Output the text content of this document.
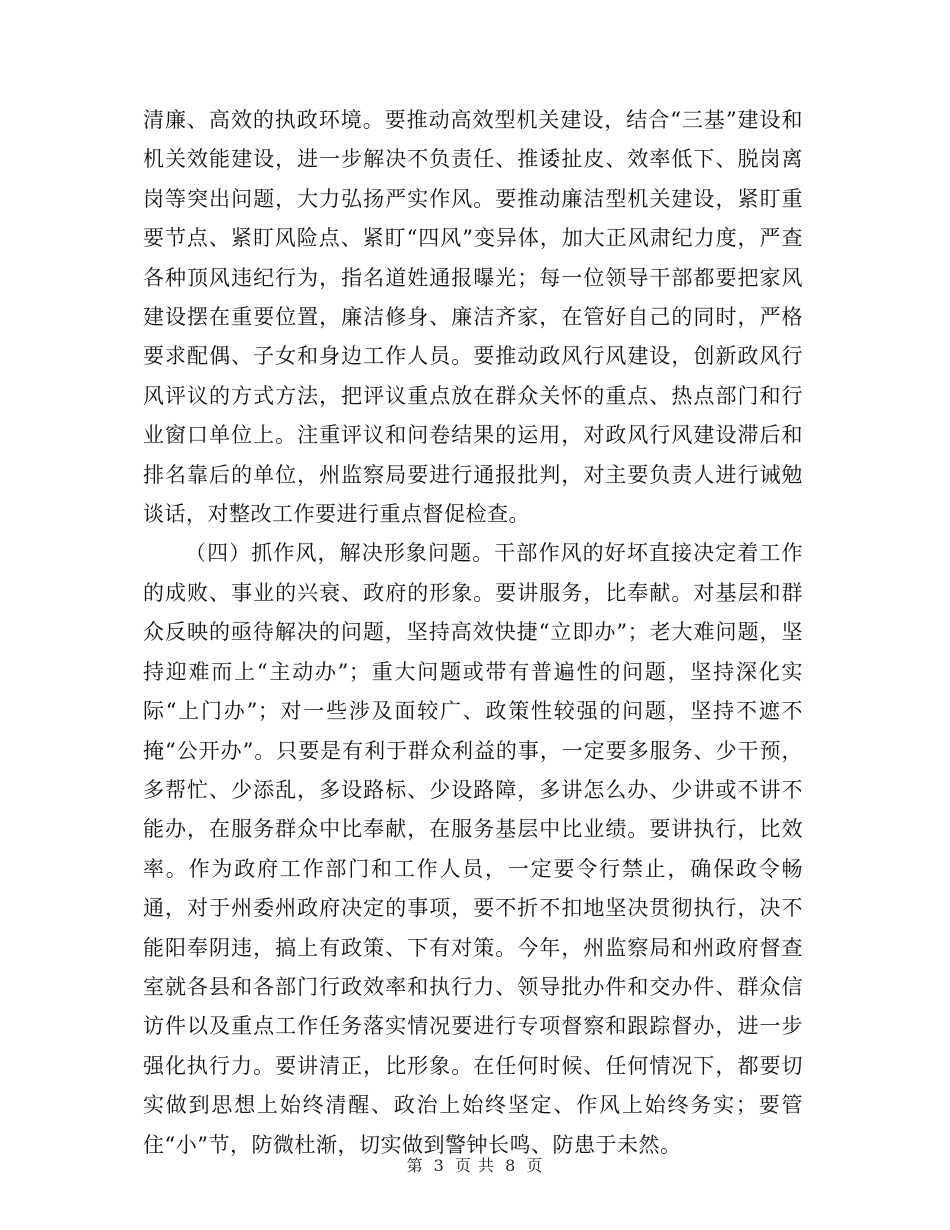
清廉、高效的执政环境。要推动高效型机关建设，结合“三基”建设和机关效能建设，进一步解决不负责任、推诿扯皮、效率低下、脱岗离岗等突出问题，大力弘扬严实作风。要推动廉洁型机关建设，紧盯重要节点、紧盯风险点、紧盯“四风”变异体，加大正风肃纪力度，严查各种顶风违纪行为，指名道姓通报曝光；每一位领导干部都要把家风建设摆在重要位置，廉洁修身、廉洁齐家，在管好自己的同时，严格要求配偶、子女和身边工作人员。要推动政风行风建设，创新政风行风评议的方式方法，把评议重点放在群众关怀的重点、热点部门和行业窗口单位上。注重评议和问卷结果的运用，对政风行风建设滞后和排名靠后的单位，州监察局要进行通报批判，对主要负责人进行诫勉谈话，对整改工作要进行重点督促检查。

（四）抓作风，解决形象问题。干部作风的好坏直接决定着工作的成败、事业的兴衰、政府的形象。要讲服务，比奉献。对基层和群众反映的亟待解决的问题，坚持高效快捷“立即办”；老大难问题，坚持迎难而上“主动办”；重大问题或带有普遍性的问题，坚持深化实际“上门办”；对一些涉及面较广、政策性较强的问题，坚持不遮不掩“公开办”。只要是有利于群众利益的事，一定要多服务、少干预，多帮忙、少添乱，多设路标、少设路障，多讲怎么办、少讲或不讲不能办，在服务群众中比奉献，在服务基层中比业绩。要讲执行，比效率。作为政府工作部门和工作人员，一定要令行禁止，确保政令畅通，对于州委州政府决定的事项，要不折不扣地坚决贯彻执行，决不能阳奉阴违，搞上有政策、下有对策。今年，州监察局和州政府督查室就各县和各部门行政效率和执行力、领导批办件和交办件、群众信访件以及重点工作任务落实情况要进行专项督察和跟踪督办，进一步强化执行力。要讲清正，比形象。在任何时候、任何情况下，都要切实做到思想上始终清醒、政治上始终坚定、作风上始终务实；要管住“小”节，防微杜渐，切实做到警钟长鸣、防患于未然。

第 3 页 共 8 页
